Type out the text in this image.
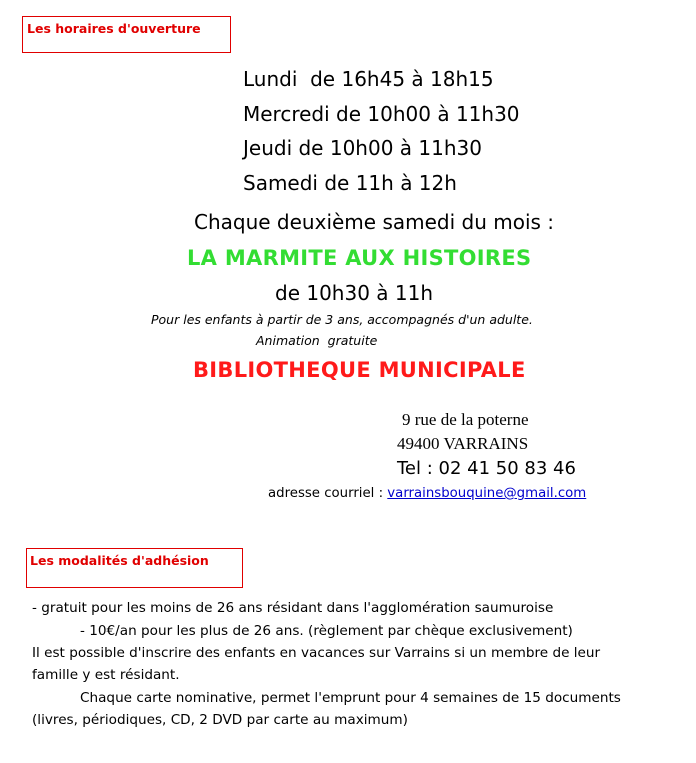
Les horaires d'ouverture
Lundi  de 16h45 à 18h15
Mercredi de 10h00 à 11h30
Jeudi de 10h00 à 11h30
Samedi de 11h à 12h
Chaque deuxième samedi du mois :
LA MARMITE AUX HISTOIRES
de 10h30 à 11h
Pour les enfants à partir de 3 ans, accompagnés d'un adulte.
Animation  gratuite
BIBLIOTHEQUE MUNICIPALE
9 rue de la poterne
49400 VARRAINS
Tel : 02 41 50 83 46
adresse courriel : varrainsbouquine@gmail.com
Les modalités d'adhésion
- gratuit pour les moins de 26 ans résidant dans l'agglomération saumuroise
- 10€/an pour les plus de 26 ans. (règlement par chèque exclusivement)
Il est possible d'inscrire des enfants en vacances sur Varrains si un membre de leur
famille y est résidant.
Chaque carte nominative, permet l'emprunt pour 4 semaines de 15 documents
(livres, périodiques, CD, 2 DVD par carte au maximum)
